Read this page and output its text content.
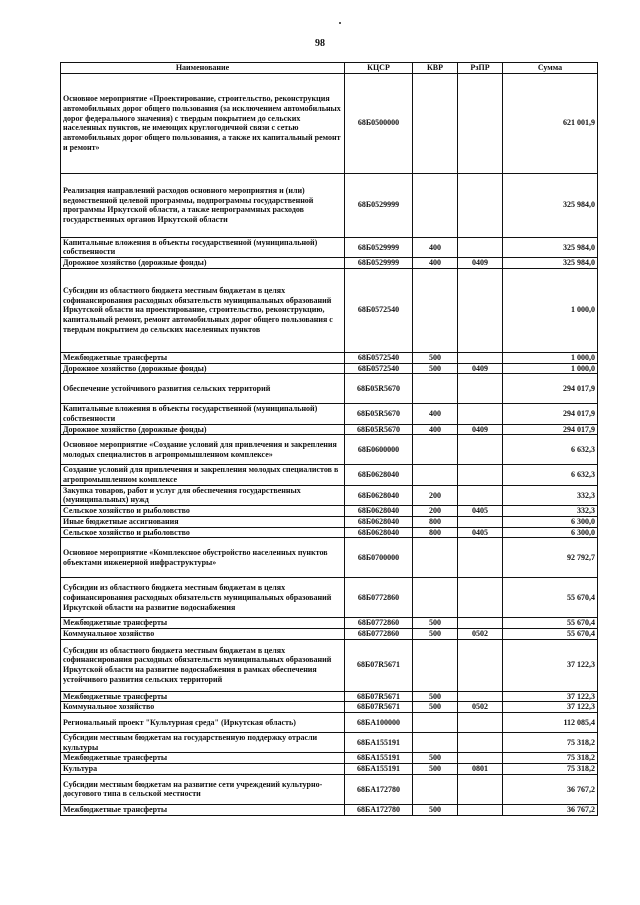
98
Наименование	КЦСР	КВР	РзПР	Сумма
Основное мероприятие «Проектирование, строительство, реконструкция автомобильных дорог общего пользования (за исключением автомобильных дорог федерального значения) с твердым покрытием до сельских населенных пунктов, не имеющих круглогодичной связи с сетью автомобильных дорог общего пользования, а также их капитальный ремонт и ремонт»	68Б0500000			621 001,9
Реализация направлений расходов основного мероприятия и (или) ведомственной целевой программы, подпрограммы государственной программы Иркутской области, а также непрограммных расходов государственных органов Иркутской области	68Б0529999			325 984,0
Капитальные вложения в объекты государственной (муниципальной) собственности	68Б0529999	400		325 984,0
Дорожное хозяйство (дорожные фонды)	68Б0529999	400	0409	325 984,0
Субсидии из областного бюджета местным бюджетам в целях софинансирования расходных обязательств муниципальных образований Иркутской области на проектирование, строительство, реконструкцию, капитальный ремонт, ремонт автомобильных дорог общего пользования с твердым покрытием до сельских населенных пунктов	68Б0572540			1 000,0
Межбюджетные трансферты	68Б0572540	500		1 000,0
Дорожное хозяйство (дорожные фонды)	68Б0572540	500	0409	1 000,0
Обеспечение устойчивого развития сельских территорий	68Б05R5670			294 017,9
Капитальные вложения в объекты государственной (муниципальной) собственности	68Б05R5670	400		294 017,9
Дорожное хозяйство (дорожные фонды)	68Б05R5670	400	0409	294 017,9
Основное мероприятие «Создание условий для привлечения и закрепления молодых специалистов в агропромышленном комплексе»	68Б0600000			6 632,3
Создание условий для привлечения и закрепления молодых специалистов в агропромышленном комплексе	68Б0628040			6 632,3
Закупка товаров, работ и услуг для обеспечения государственных (муниципальных) нужд	68Б0628040	200		332,3
Сельское хозяйство и рыболовство	68Б0628040	200	0405	332,3
Иные бюджетные ассигнования	68Б0628040	800		6 300,0
Сельское хозяйство и рыболовство	68Б0628040	800	0405	6 300,0
Основное мероприятие «Комплексное обустройство населенных пунктов объектами инженерной инфраструктуры»	68Б0700000			92 792,7
Субсидии из областного бюджета местным бюджетам в целях софинансирования расходных обязательств муниципальных образований Иркутской области на развитие водоснабжения	68Б0772860			55 670,4
Межбюджетные трансферты	68Б0772860	500		55 670,4
Коммунальное хозяйство	68Б0772860	500	0502	55 670,4
Субсидии из областного бюджета местным бюджетам в целях софинансирования расходных обязательств муниципальных образований Иркутской области на развитие водоснабжения в рамках обеспечения устойчивого развития сельских территорий	68Б07R5671			37 122,3
Межбюджетные трансферты	68Б07R5671	500		37 122,3
Коммунальное хозяйство	68Б07R5671	500	0502	37 122,3
Региональный проект "Культурная среда" (Иркутская область)	68БА100000			112 085,4
Субсидии местным бюджетам на государственную поддержку отрасли культуры	68БА155191			75 318,2
Межбюджетные трансферты	68БА155191	500		75 318,2
Культура	68БА155191	500	0801	75 318,2
Субсидии местным бюджетам на развитие сети учреждений культурно-досугового типа в сельской местности	68БА172780			36 767,2
Межбюджетные трансферты	68БА172780	500		36 767,2
